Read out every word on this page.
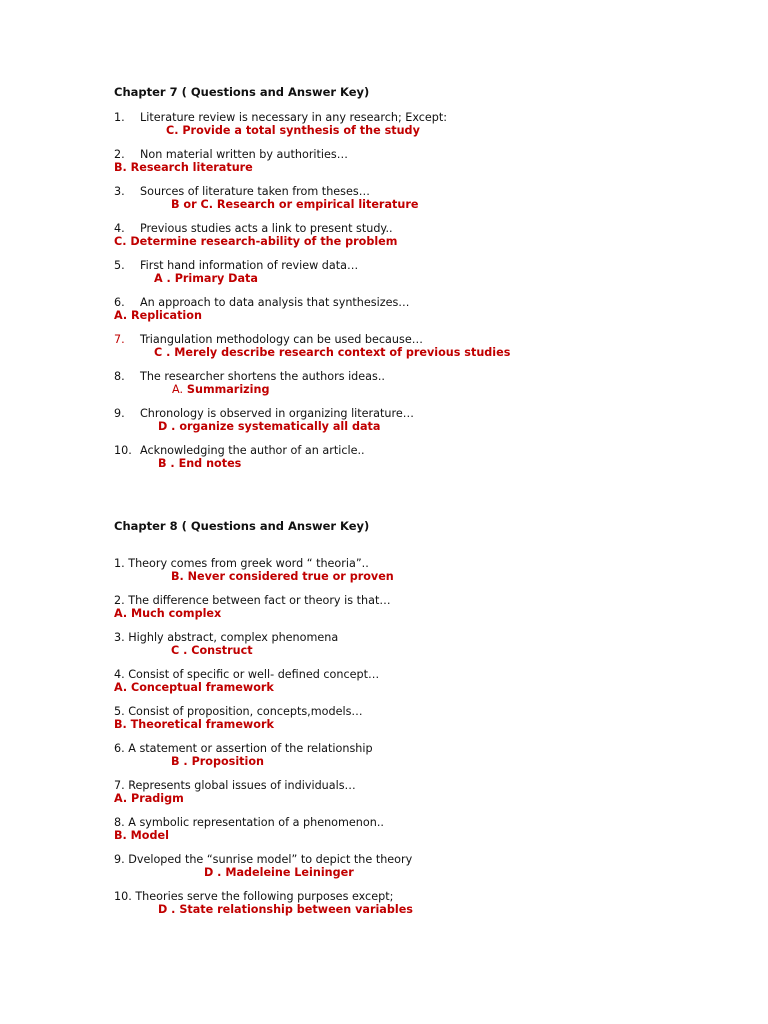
Chapter 7 ( Questions and Answer Key)

1. Literature review is necessary in any research; Except:
C. Provide a total synthesis of the study
2. Non material written by authorities…
B. Research literature
3. Sources of literature taken from theses…
B or C. Research or empirical literature
4. Previous studies acts a link to present study..
C. Determine research-ability of the problem
5. First hand information of review data…
A . Primary Data
6. An approach to data analysis that synthesizes…
A. Replication
7. Triangulation methodology can be used because…
C . Merely describe research context of previous studies
8. The researcher shortens the authors ideas..
A. Summarizing
9. Chronology is observed in organizing literature…
D . organize systematically all data
10. Acknowledging the author of an article..
B . End notes

Chapter 8 ( Questions and Answer Key)

1. Theory comes from greek word “ theoria”..
B. Never considered true or proven
2. The difference between fact or theory is that…
A. Much complex
3. Highly abstract, complex phenomena
C . Construct
4. Consist of specific or well- defined concept…
A. Conceptual framework
5. Consist of proposition, concepts,models…
B. Theoretical framework
6. A statement or assertion of the relationship
B . Proposition
7. Represents global issues of individuals…
A. Pradigm
8. A symbolic representation of a phenomenon..
B. Model
9. Dveloped the “sunrise model” to depict the theory
D . Madeleine Leininger
10. Theories serve the following purposes except;
D . State relationship between variables
